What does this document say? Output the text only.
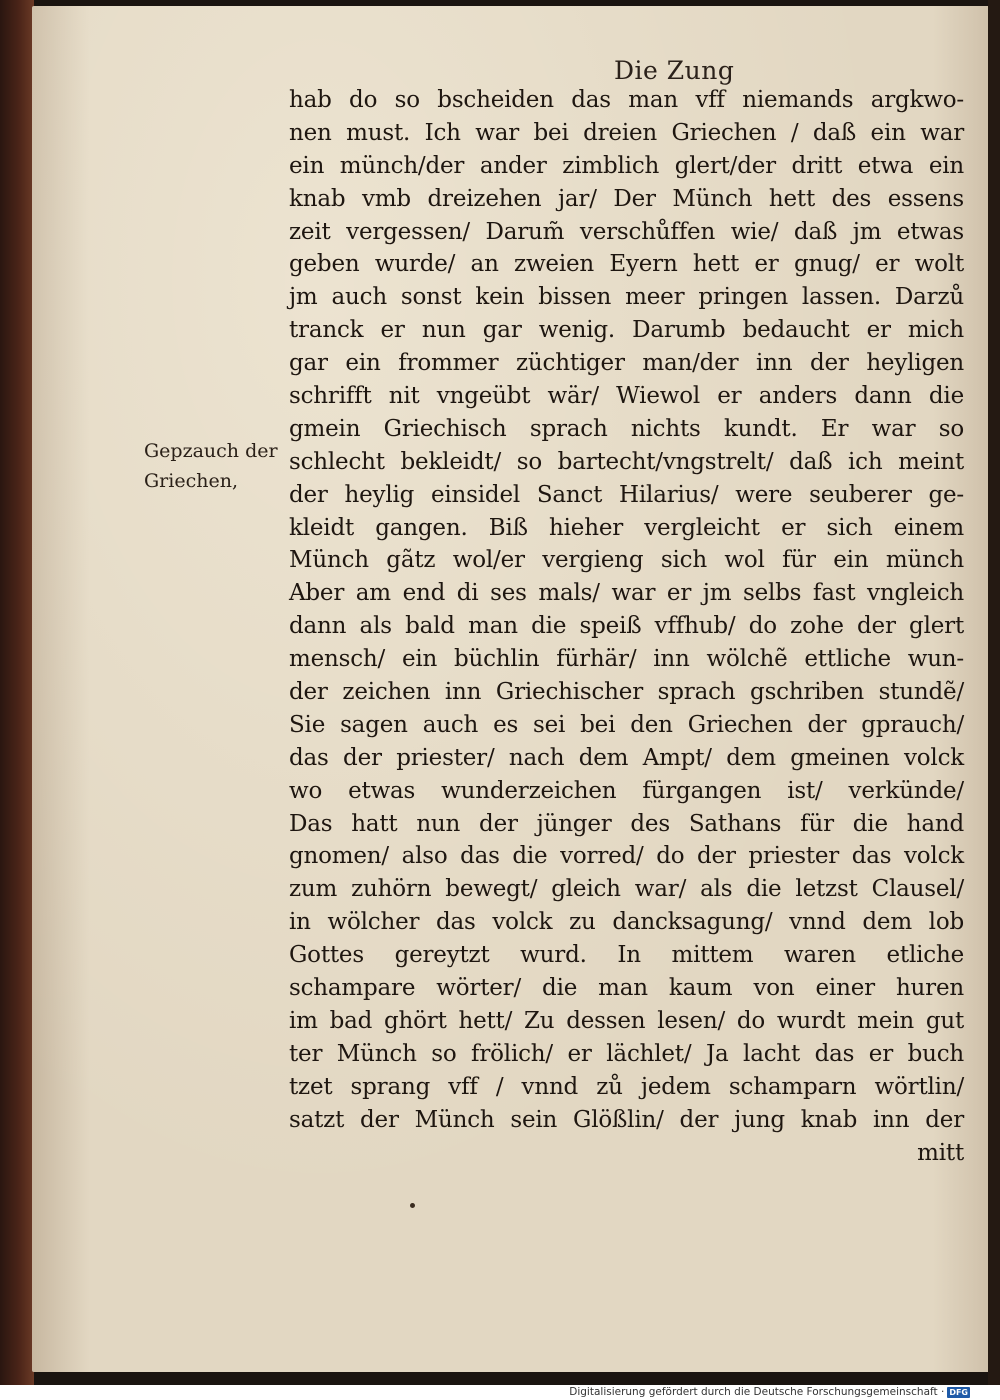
Die Zung
Gepzauch der
Griechen,
hab do so bscheiden das man vff niemands argkwo-
nen must. Ich war bei dreien Griechen / daß ein war
ein münch/der ander zimblich glert/der dritt etwa ein
knab vmb dreizehen jar/ Der Münch hett des essens
zeit vergessen/ Darum̃ verschůffen wie/ daß jm etwas
geben wurde/ an zweien Eyern hett er gnug/ er wolt
jm auch sonst kein bissen meer pringen lassen. Darzů
tranck er nun gar wenig. Darumb bedaucht er mich
gar ein frommer züchtiger man/der inn der heyligen
schrifft nit vngeübt wär/ Wiewol er anders dann die
gmein Griechisch sprach nichts kundt. Er war so
schlecht bekleidt/ so bartecht/vngstrelt/ daß ich meint
der heylig einsidel Sanct Hilarius/ were seuberer ge-
kleidt gangen. Biß hieher vergleicht er sich einem
Münch gãtz wol/er vergieng sich wol für ein münch
Aber am end di ses mals/ war er jm selbs fast vngleich
dann als bald man die speiß vffhub/ do zohe der glert
mensch/ ein büchlin fürhär/ inn wölchẽ ettliche wun-
der zeichen inn Griechischer sprach gschriben stundẽ/
Sie sagen auch es sei bei den Griechen der gprauch/
das der priester/ nach dem Ampt/ dem gmeinen volck
wo etwas wunderzeichen fürgangen ist/ verkünde/
Das hatt nun der jünger des Sathans für die hand
gnomen/ also das die vorred/ do der priester das volck
zum zuhörn bewegt/ gleich war/ als die letzst Clausel/
in wölcher das volck zu dancksagung/ vnnd dem lob
Gottes gereytzt wurd. In mittem waren etliche
schampare wörter/ die man kaum von einer huren
im bad ghört hett/ Zu dessen lesen/ do wurdt mein gut
ter Münch so frölich/ er lächlet/ Ja lacht das er buch
tzet sprang vff / vnnd zů jedem schamparn wörtlin/
satzt der Münch sein Glößlin/ der jung knab inn der
mitt
Digitalisierung gefördert durch die Deutsche Forschungsgemeinschaft · DFG
